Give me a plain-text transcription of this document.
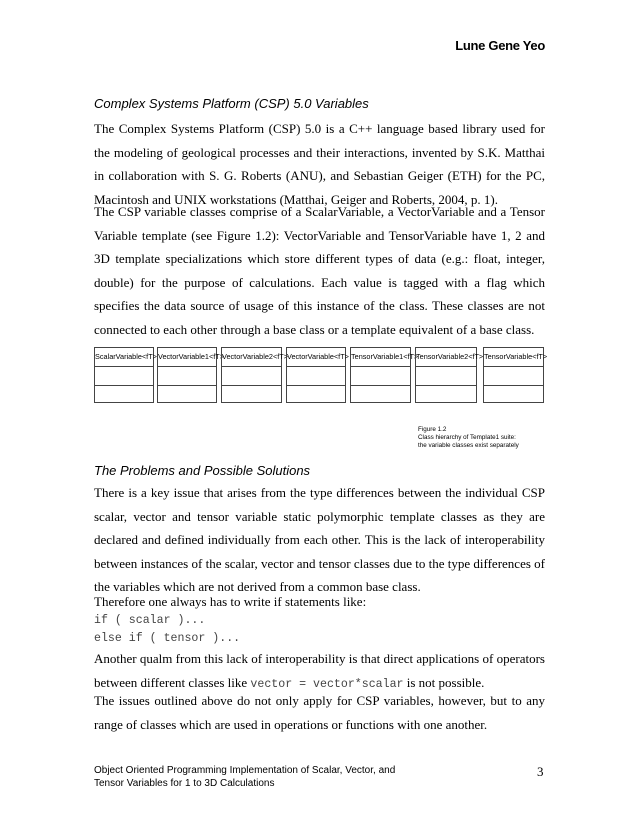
Lune Gene Yeo
Complex Systems Platform (CSP) 5.0 Variables

The Complex Systems Platform (CSP) 5.0 is a C++ language based library used for the modeling of geological processes and their interactions, invented by S.K. Matthai in collaboration with S. G. Roberts (ANU), and Sebastian Geiger (ETH) for the PC, Macintosh and UNIX workstations (Matthai, Geiger and Roberts, 2004, p. 1).

The CSP variable classes comprise of a ScalarVariable, a VectorVariable and a Tensor Variable template (see Figure 1.2): VectorVariable and TensorVariable have 1, 2 and 3D template specializations which store different types of data (e.g.: float, integer, double) for the purpose of calculations. Each value is tagged with a flag which specifies the data source of usage of this instance of the class. These classes are not connected to each other through a base class or a template equivalent of a base class.

ScalarVariable<fT> VectorVariable1<fT>
VectorVariable2<fT> VectorVariable<fT> TensorVariable1<fT>
TensorVariable2<fT> TensorVariable<fT>
Figure 1.2
Class hierarchy of Template1 suite:
the variable classes exist separately
The Problems and Possible Solutions

There is a key issue that arises from the type differences between the individual CSP scalar, vector and tensor variable static polymorphic template classes as they are declared and defined individually from each other. This is the lack of interoperability between instances of the scalar, vector and tensor classes due to the type differences of the variables which are not derived from a common base class.

Therefore one always has to write if statements like:
if ( scalar )...
else if ( tensor )...

Another qualm from this lack of interoperability is that direct applications of operators between different classes like vector = vector*scalar is not possible.

The issues outlined above do not only apply for CSP variables, however, but to any range of classes which are used in operations or functions with one another.

Object Oriented Programming Implementation of Scalar, Vector, and
Tensor Variables for 1 to 3D Calculations
3
